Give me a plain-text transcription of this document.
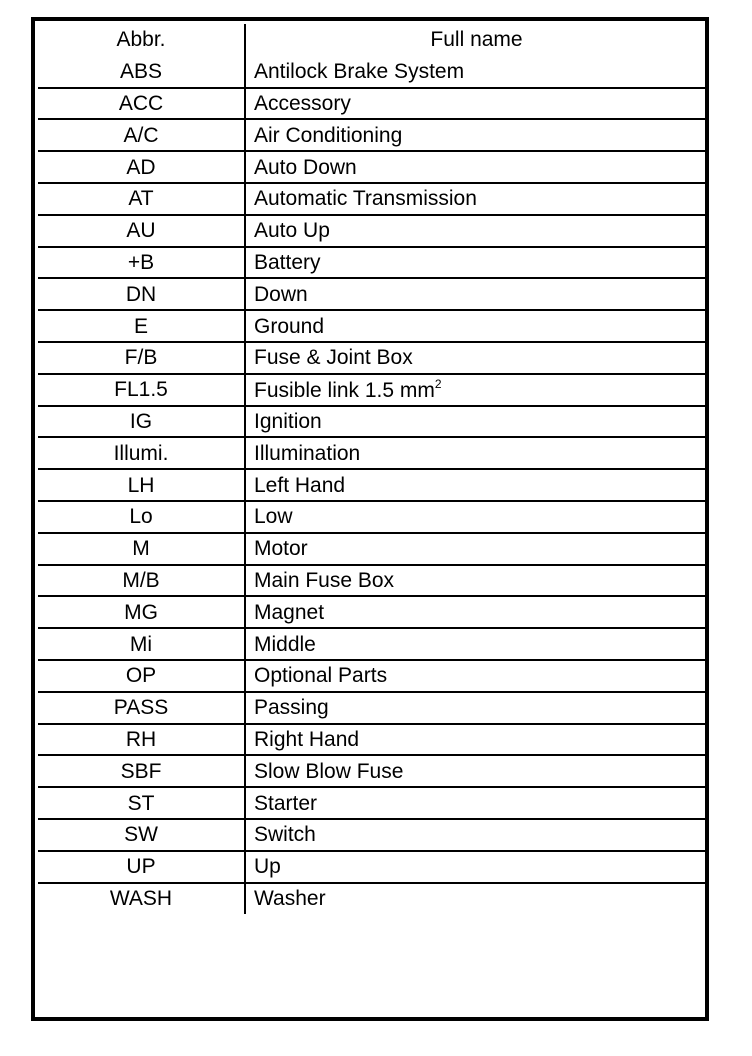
Abbr.	Full name
ABS	Antilock Brake System
ACC	Accessory
A/C	Air Conditioning
AD	Auto Down
AT	Automatic Transmission
AU	Auto Up
+B	Battery
DN	Down
E	Ground
F/B	Fuse & Joint Box
FL1.5	Fusible link 1.5 $mm^2$
IG	Ignition
Illumi.	Illumination
LH	Left Hand
Lo	Low
M	Motor
M/B	Main Fuse Box
MG	Magnet
Mi	Middle
OP	Optional Parts
PASS	Passing
RH	Right Hand
SBF	Slow Blow Fuse
ST	Starter
SW	Switch
UP	Up
WASH	Washer
